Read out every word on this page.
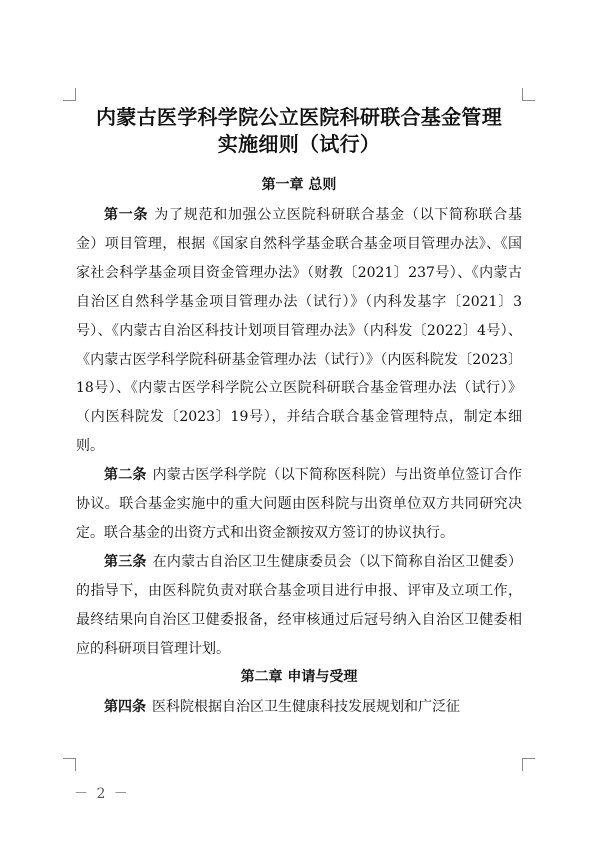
内蒙古医学科学院公立医院科研联合基金管理
实施细则（试行）
第一章 总则

第一条 为了规范和加强公立医院科研联合基金（以下简称联合基金）项目管理，根据《国家自然科学基金联合基金项目管理办法》、《国家社会科学基金项目资金管理办法》（财教〔2021〕237号）、《内蒙古自治区自然科学基金项目管理办法（试行）》（内科发基字〔2021〕3号）、《内蒙古自治区科技计划项目管理办法》（内科发〔2022〕4号）、《内蒙古医学科学院科研基金管理办法（试行）》（内医科院发〔2023〕18号）、《内蒙古医学科学院公立医院科研联合基金管理办法（试行）》（内医科院发〔2023〕19号），并结合联合基金管理特点，制定本细则。

第二条 内蒙古医学科学院（以下简称医科院）与出资单位签订合作协议。联合基金实施中的重大问题由医科院与出资单位双方共同研究决定。联合基金的出资方式和出资金额按双方签订的协议执行。

第三条 在内蒙古自治区卫生健康委员会（以下简称自治区卫健委）的指导下，由医科院负责对联合基金项目进行申报、评审及立项工作，最终结果向自治区卫健委报备，经审核通过后冠号纳入自治区卫健委相应的科研项目管理计划。

第二章 申请与受理

第四条 医科院根据自治区卫生健康科技发展规划和广泛征

－ 2 －
